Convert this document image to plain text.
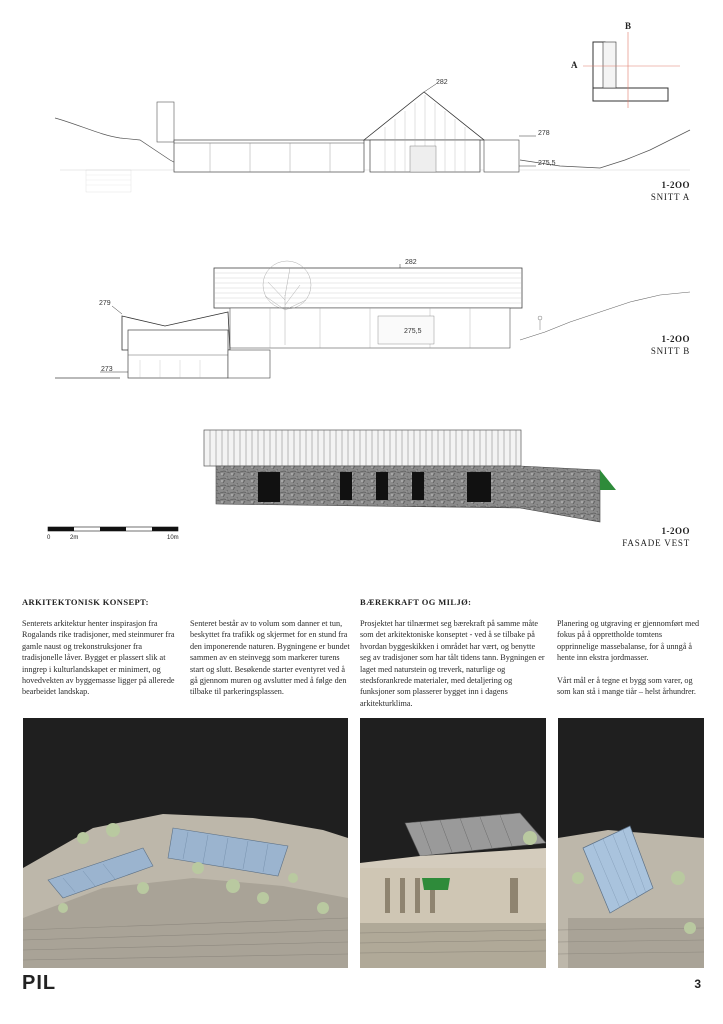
282
278
275,5
A
B
1-2OO
SNITT A
282
279
275,5
273
1-2OO
SNITT B
0	2m	10m
1-2OO
FASADE VEST
ARKITEKTONISK KONSEPT:

Senterets arkitektur henter inspirasjon fra Rogalands rike tradisjoner, med steinmurer fra gamle naust og trekonstruksjoner fra tradisjonelle låver. Bygget er plassert slik at inngrep i kulturlandskapet er minimert, og hovedvekten av byggemasse ligger på allerede bearbeidet landskap.

Senteret består av to volum som danner et tun, beskyttet fra trafikk og skjermet for en stund fra den imponerende naturen. Bygningene er bundet sammen av en steinvegg som markerer turens start og slutt. Besøkende starter eventyret ved å gå gjennom muren og avslutter med å følge den tilbake til parkeringsplassen.

BÆREKRAFT OG MILJØ:

Prosjektet har tilnærmet seg bærekraft på samme måte som det arkitektoniske konseptet - ved å se tilbake på hvordan byggeskikken i området har vært, og benytte seg av tradisjoner som har tålt tidens tann. Bygningen er laget med naturstein og treverk, naturlige og stedsforankrede materialer, med detaljering og funksjoner som plasserer bygget inn i dagens arkitekturklima.

Planering og utgraving er gjennomført med fokus på å opprettholde tomtens opprinnelige massebalanse, for å unngå å hente inn ekstra jordmasser.

Vårt mål er å tegne et bygg som varer, og som kan stå i mange tiår – helst århundrer.

PIL	3
